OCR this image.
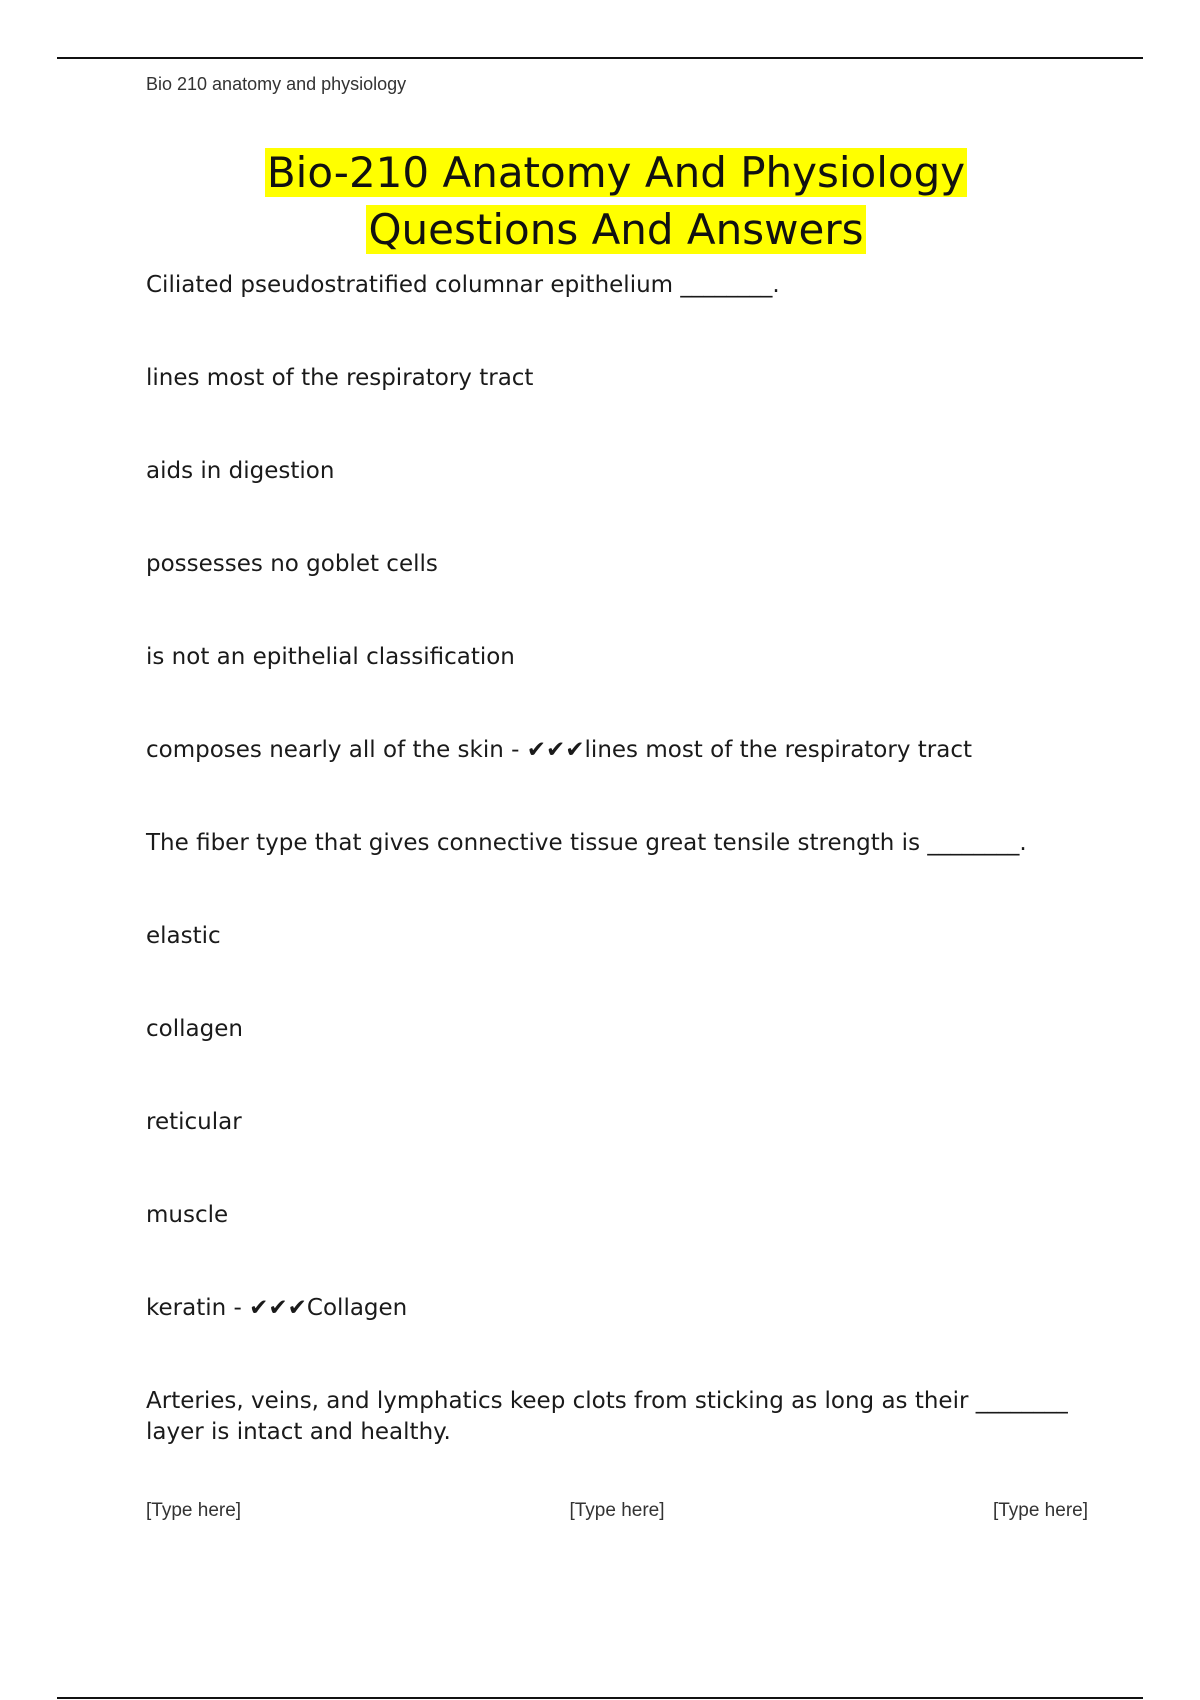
Bio 210 anatomy and physiology
Bio-210 Anatomy And Physiology
Questions And Answers

Ciliated pseudostratified columnar epithelium ________.

lines most of the respiratory tract

aids in digestion

possesses no goblet cells

is not an epithelial classification

composes nearly all of the skin - ✔✔✔lines most of the respiratory tract

The fiber type that gives connective tissue great tensile strength is ________.

elastic

collagen

reticular

muscle

keratin - ✔✔✔Collagen

Arteries, veins, and lymphatics keep clots from sticking as long as their ________ layer is intact and healthy.

[Type here]	[Type here]	[Type here]
